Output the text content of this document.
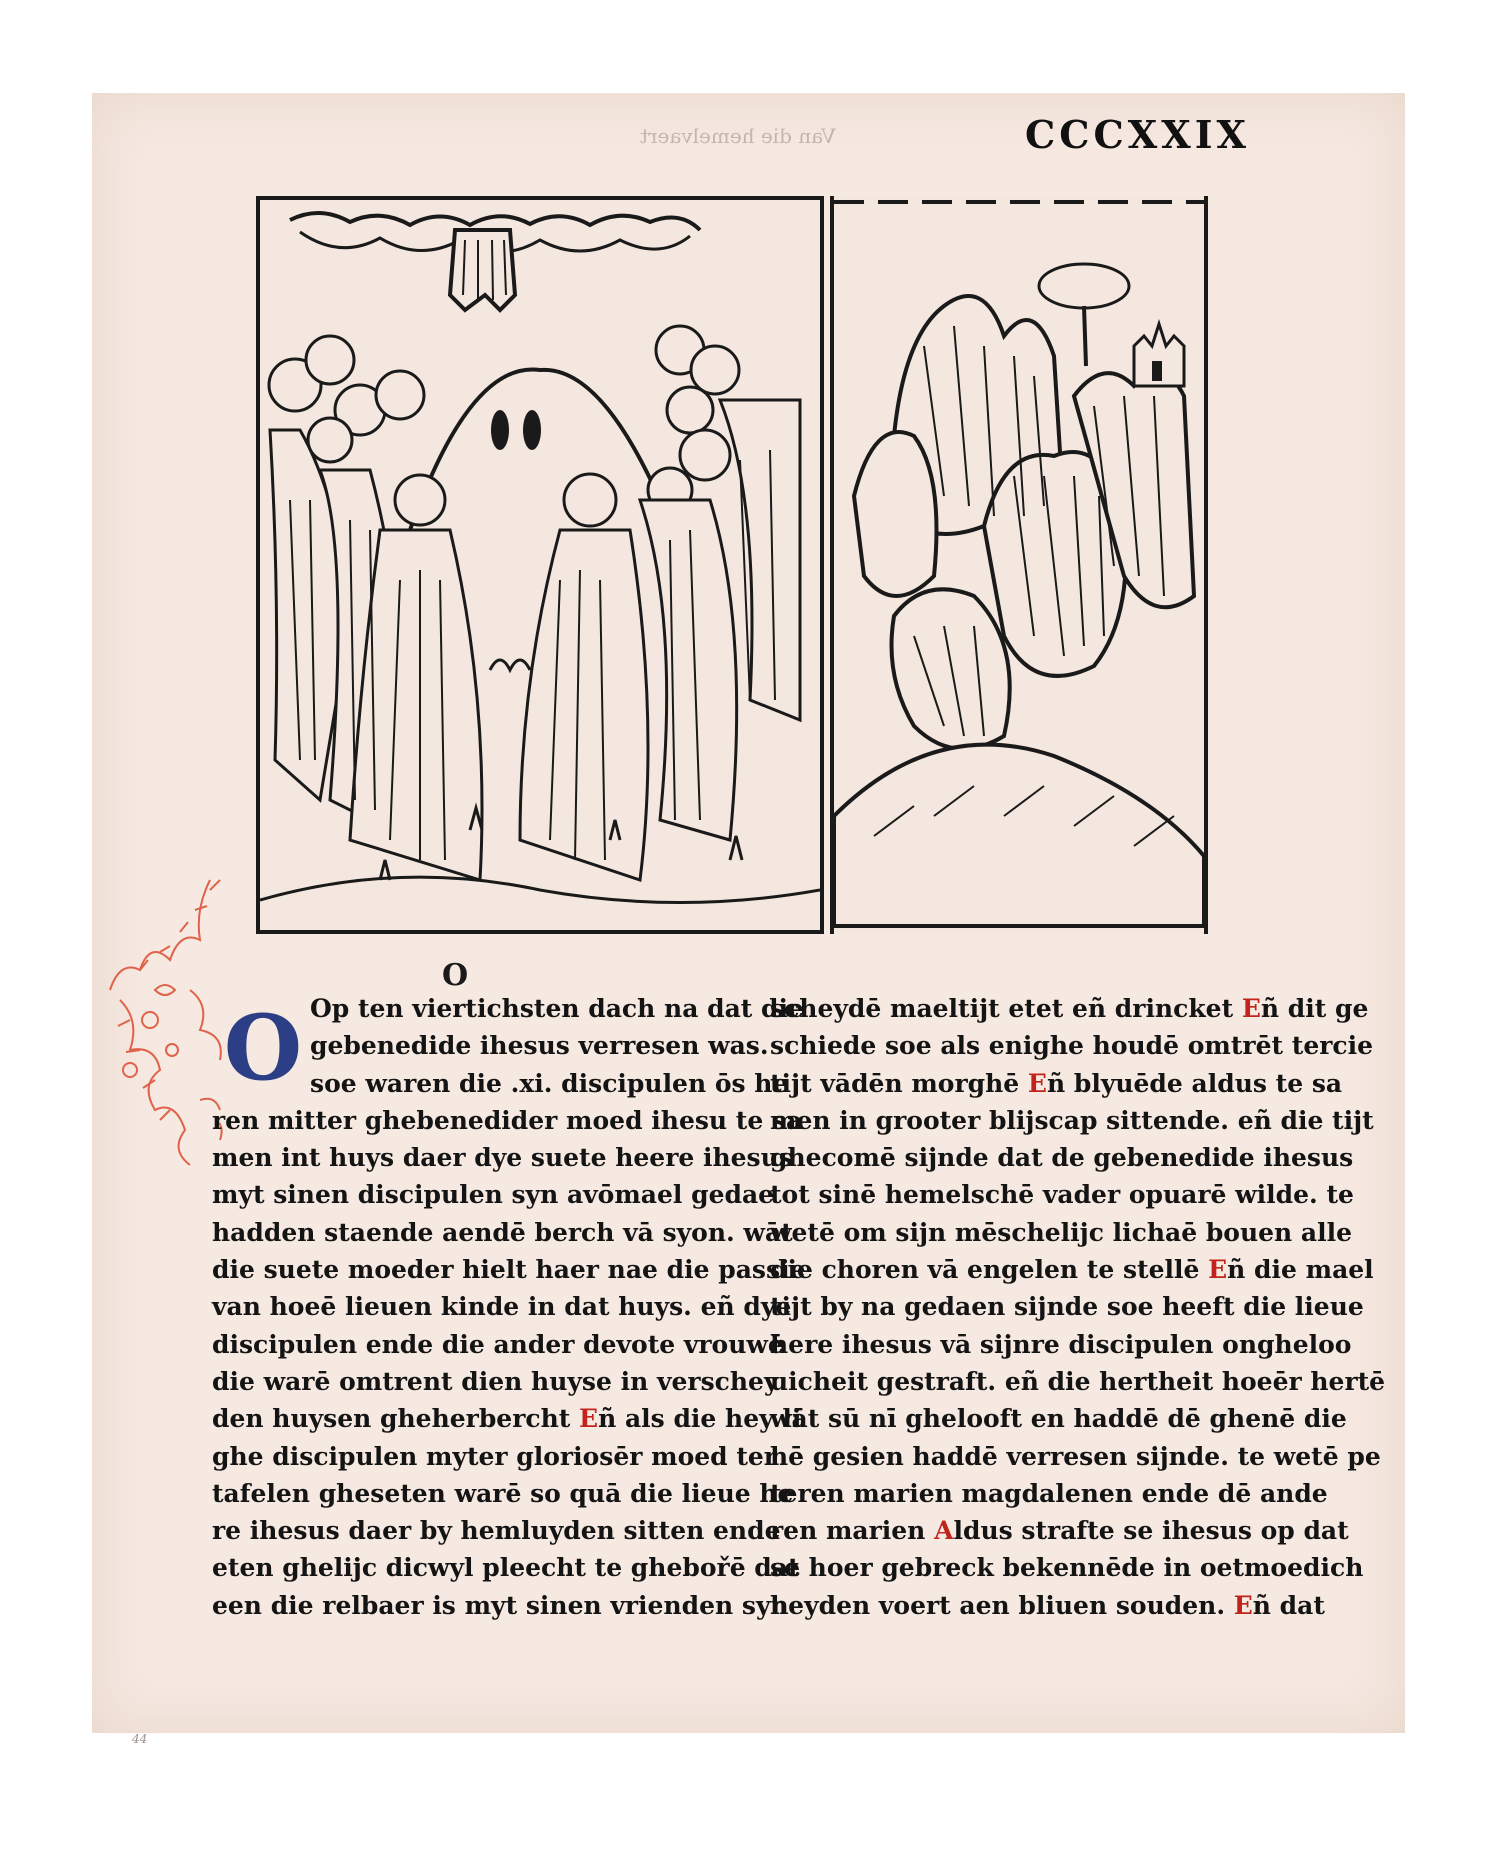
Van die hemelvaert	CCCXXIX
O
O Op ten viertichsten dach na dat die
gebenedide ihesus verresen was.
soe waren die .xi. discipulen ōs he
ren mitter ghebenedider moed ihesu te sa
men int huys daer dye suete heere ihesus
myt sinen discipulen syn avōmael gedae
hadden staende aendē berch vā syon. wāt
die suete moeder hielt haer nae die passie
van hoeē lieuen kinde in dat huys. eñ dye
discipulen ende die ander devote vrouwē
die warē omtrent dien huyse in verschey
den huysen gheherbercht Eñ als die hey li
ghe discipulen myter gloriosēr moed ter
tafelen gheseten warē so quā die lieue he
re ihesus daer by hemluyden sitten ende
eten ghelijc dicwyl pleecht te ghebořē dat
een die relbaer is myt sinen vrienden syn
scheydē maeltijt etet eñ drincket Eñ dit ge
schiede soe als enighe houdē omtrēt tercie
tijt vādēn morghē Eñ blyuēde aldus te sa
men in grooter blijscap sittende. eñ die tijt
ghecomē sijnde dat de gebenedide ihesus
tot sinē hemelschē vader opuarē wilde. te
wetē om sijn mēschelijc lichaē bouen alle
die choren vā engelen te stellē Eñ die mael
tijt by na gedaen sijnde soe heeft die lieue
here ihesus vā sijnre discipulen ongheloo
uicheit gestraft. eñ die hertheit hoeēr hertē
wāt sū nī ghelooft en haddē dē ghenē die
hē gesien haddē verresen sijnde. te wetē pe
teren marien magdalenen ende dē ande
ren marien Aldus strafte se ihesus op dat
se hoer gebreck bekennēde in oetmoedich
heyden voert aen bliuen souden. Eñ dat
44
